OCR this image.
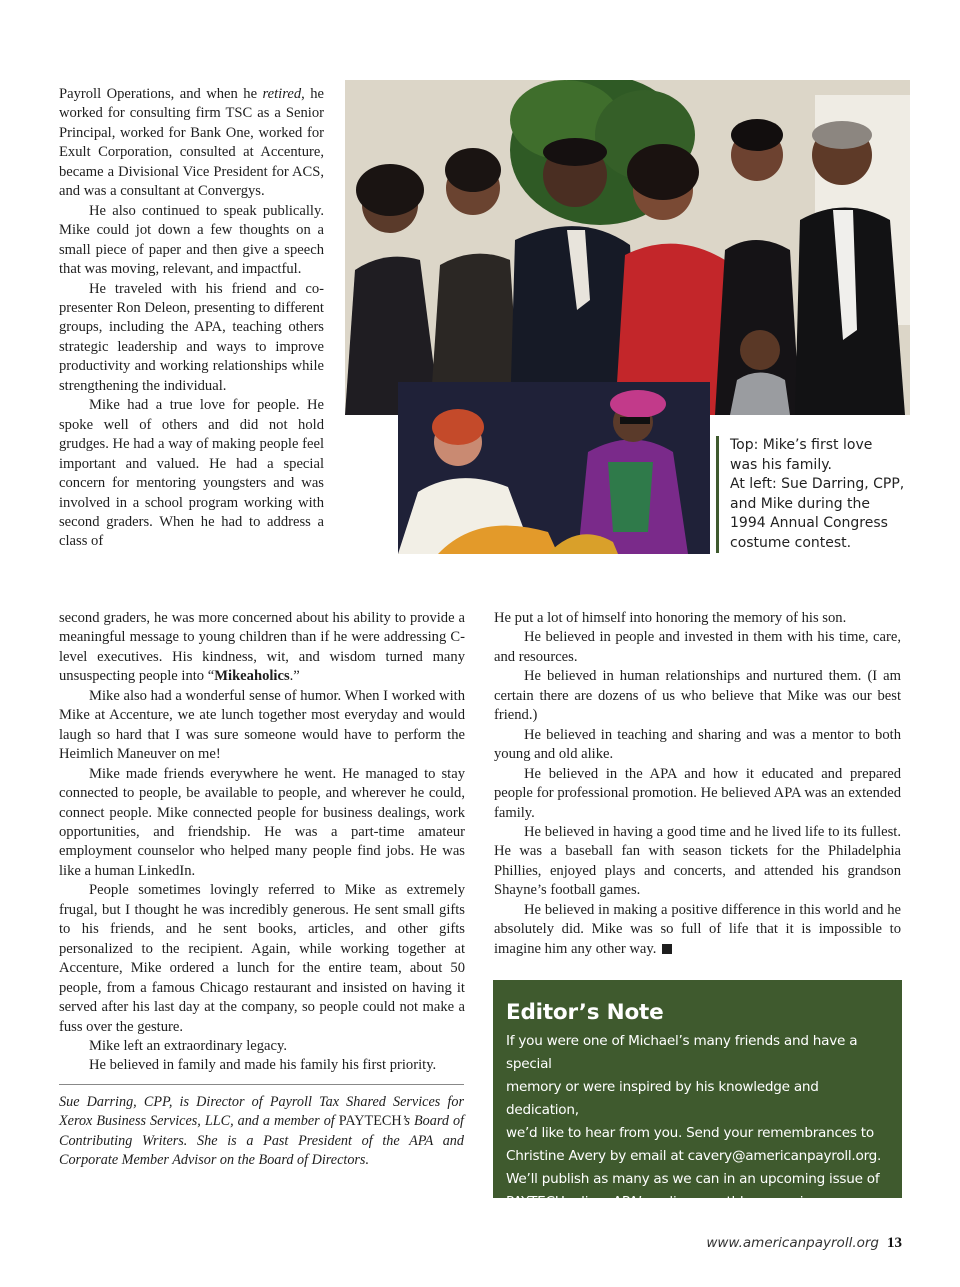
Top: Mike’s first love
was his family.
At left: Sue Darring, CPP,
and Mike during the
1994 Annual Congress
costume contest.

Payroll Operations, and when he retired, he worked for consulting firm TSC as a Senior Principal, worked for Bank One, worked for Exult Corporation, consulted at Accenture, became a Divisional Vice President for ACS, and was a consultant at Convergys.

He also continued to speak publically. Mike could jot down a few thoughts on a small piece of paper and then give a speech that was moving, relevant, and impactful.

He traveled with his friend and co-presenter Ron Deleon, presenting to different groups, including the APA, teaching others strategic leadership and ways to improve productivity and working relationships while strengthening the individual.

Mike had a true love for people. He spoke well of others and did not hold grudges. He had a way of making people feel important and valued. He had a special concern for mentoring youngsters and was involved in a school program working with second graders. When he had to address a class of

second graders, he was more concerned about his ability to provide a meaningful message to young children than if he were addressing C-level executives. His kindness, wit, and wisdom turned many unsuspecting people into “Mikeaholics.”

Mike also had a wonderful sense of humor. When I worked with Mike at Accenture, we ate lunch together most everyday and would laugh so hard that I was sure someone would have to perform the Heimlich Maneuver on me!

Mike made friends everywhere he went. He managed to stay connected to people, be available to people, and wherever he could, connect people. Mike connected people for business dealings, work opportunities, and friendship. He was a part-time amateur employment counselor who helped many people find jobs. He was like a human LinkedIn.

People sometimes lovingly referred to Mike as extremely frugal, but I thought he was incredibly generous. He sent small gifts to his friends, and he sent books, articles, and other gifts personalized to the recipient. Again, while working together at Accenture, Mike ordered a lunch for the entire team, about 50 people, from a famous Chicago restaurant and insisted on having it served after his last day at the company, so people could not make a fuss over the gesture.

Mike left an extraordinary legacy.

He believed in family and made his family his first priority.

He put a lot of himself into honoring the memory of his son.

He believed in people and invested in them with his time, care, and resources.

He believed in human relationships and nurtured them. (I am certain there are dozens of us who believe that Mike was our best friend.)

He believed in teaching and sharing and was a mentor to both young and old alike.

He believed in the APA and how it educated and prepared people for professional promotion. He believed APA was an extended family.

He believed in having a good time and he lived life to its fullest. He was a baseball fan with season tickets for the Philadelphia Phillies, enjoyed plays and concerts, and attended his grandson Shayne’s football games.

He believed in making a positive difference in this world and he absolutely did. Mike was so full of life that it is impossible to imagine him any other way.

Sue Darring, CPP, is Director of Payroll Tax Shared Services for Xerox Business Services, LLC, and a member of PAYTECH’s Board of Contributing Writers. She is a Past President of the APA and Corporate Member Advisor on the Board of Directors.
Editor’s Note

If you were one of Michael’s many friends and have a special
memory or were inspired by his knowledge and dedication,
we’d like to hear from you. Send your remembrances to
Christine Avery by email at cavery@americanpayroll.org.
We’ll publish as many as we can in an upcoming issue of
PAYTECHonline, APA’s online monthly magazine.

www.americanpayroll.org 13
